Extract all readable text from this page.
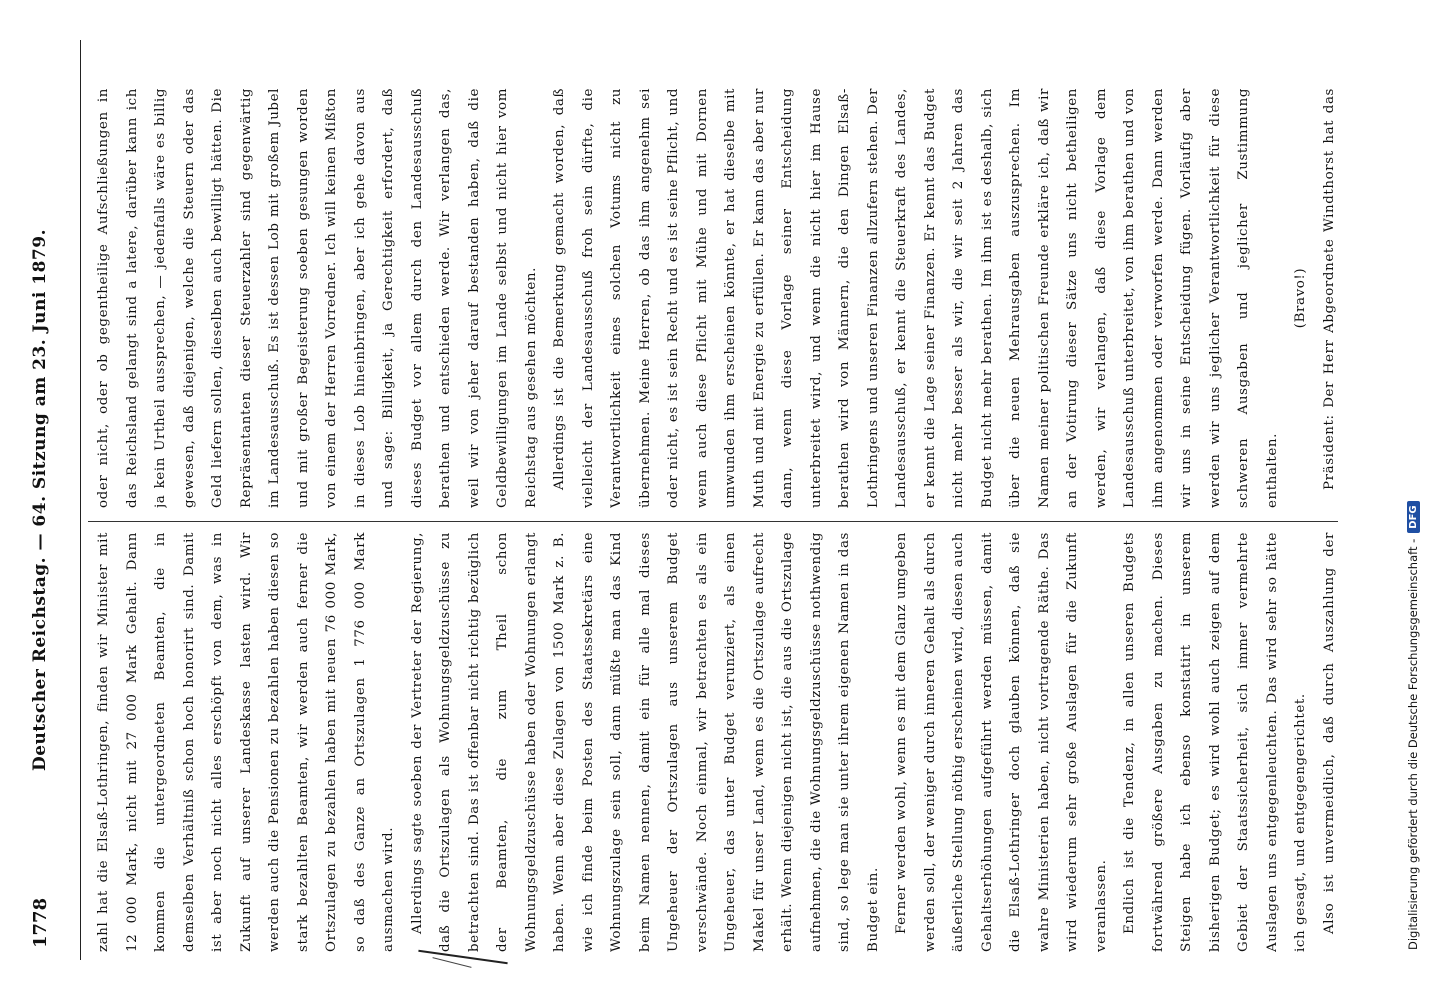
1778
Deutscher Reichstag. — 64. Sitzung am 23. Juni 1879.	zahl hat die Elsaß-Lothringen, finden wir Minister mit 12 000 Mark, nicht mit 27 000 Mark Gehalt. Dann kommen die untergeordneten Beamten, die in demselben Verhältniß schon hoch honorirt sind. Damit ist aber noch nicht alles erschöpft von dem, was in Zukunft auf unserer Landeskasse lasten wird. Wir werden auch die Pensionen zu bezahlen haben diesen so stark bezahlten Beamten, wir werden auch ferner die Ortszulagen zu bezahlen haben mit neuen 76 000 Mark, so daß des Ganze an Ortszulagen 1 776 000 Mark ausmachen wird.	Allerdings sagte soeben der Vertreter der Regierung, daß die Ortszulagen als Wohnungsgeldzuschüsse zu betrachten sind. Das ist offenbar nicht richtig bezüglich der Beamten, die zum Theil schon Wohnungsgeldzuschüsse haben oder Wohnungen erlangt haben. Wenn aber diese Zulagen von 1500 Mark z. B. wie ich finde beim Posten des Staatssekretärs eine Wohnungszulage sein soll, dann müßte man das Kind beim Namen nennen, damit ein für alle mal dieses Ungeheuer der Ortszulagen aus unserem Budget verschwände. Noch einmal, wir betrachten es als ein Ungeheuer, das unter Budget verunziert, als einen Makel für unser Land, wenn es die Ortszulage aufrecht erhält. Wenn diejenigen nicht ist, die aus die Ortszulage aufnehmen, die die Wohnungsgeldzuschüsse nothwendig sind, so lege man sie unter ihrem eigenen Namen in das Budget ein.	Ferner werden wohl, wenn es mit dem Glanz umgeben werden soll, der weniger durch inneren Gehalt als durch äußerliche Stellung nöthig erscheinen wird, diesen auch Gehaltserhöhungen aufgeführt werden müssen, damit die Elsaß-Lothringer doch glauben können, daß sie wahre Ministerien haben, nicht vortragende Räthe. Das wird wiederum sehr große Auslagen für die Zukunft veranlassen.	Endlich ist die Tendenz, in allen unseren Budgets fortwährend größere Ausgaben zu machen. Dieses Steigen habe ich ebenso konstatirt in unserem bisherigen Budget; es wird wohl auch zeigen auf dem Gebiet der Staatssicherheit, sich immer vermehrte Auslagen uns entgegenleuchten. Das wird sehr so hätte ich gesagt, und entgegengerichtet.	Also ist unvermeidlich, daß durch Auszahlung der

oder nicht, oder ob gegentheilige Aufschließungen in das Reichsland gelangt sind a latere, darüber kann ich ja kein Urtheil aussprechen, — jedenfalls wäre es billig gewesen, daß diejenigen, welche die Steuern oder das Geld liefern sollen, dieselben auch bewilligt hätten. Die Repräsentanten dieser Steuerzahler sind gegenwärtig im Landesausschuß. Es ist dessen Lob mit großem Jubel und mit großer Begeisterung soeben gesungen worden von einem der Herren Vorredner. Ich will keinen Mißton in dieses Lob hineinbringen, aber ich gehe davon aus und sage: Billigkeit, ja Gerechtigkeit erfordert, daß dieses Budget vor allem durch den Landesausschuß berathen und entschieden werde. Wir verlangen das, weil wir von jeher darauf bestanden haben, daß die Geldbewilligungen im Lande selbst und nicht hier vom Reichstag aus gesehen möchten.	Allerdings ist die Bemerkung gemacht worden, daß vielleicht der Landesausschuß froh sein dürfte, die Verantwortlichkeit eines solchen Votums nicht zu übernehmen. Meine Herren, ob das ihm angenehm sei oder nicht, es ist sein Recht und es ist seine Pflicht, und wenn auch diese Pflicht mit Mühe und mit Dornen umwunden ihm erscheinen könnte, er hat dieselbe mit Muth und mit Energie zu erfüllen. Er kann das aber nur dann, wenn diese Vorlage seiner Entscheidung unterbreitet wird, und wenn die nicht hier im Hause berathen wird von Männern, die den Dingen Elsaß-Lothringens und unseren Finanzen allzufern stehen. Der Landesausschuß, er kennt die Steuerkraft des Landes, er kennt die Lage seiner Finanzen. Er kennt das Budget nicht mehr besser als wir, die wir seit 2 Jahren das Budget nicht mehr berathen. Im ihm ist es deshalb, sich über die neuen Mehrausgaben auszusprechen. Im Namen meiner politischen Freunde erkläre ich, daß wir an der Votirung dieser Sätze uns nicht betheiligen werden, wir verlangen, daß diese Vorlage dem Landesausschuß unterbreitet, von ihm berathen und von ihm angenommen oder verworfen werde. Dann werden wir uns in seine Entscheidung fügen. Vorläufig aber werden wir uns jeglicher Verantwortlichkeit für diese schweren Ausgaben und jeglicher Zustimmung enthalten.

(Bravo!)

Präsident: Der Herr Abgeordnete Windthorst hat das

Digitalisierung gefördert durch die Deutsche Forschungsgemeinschaft -
DFG
